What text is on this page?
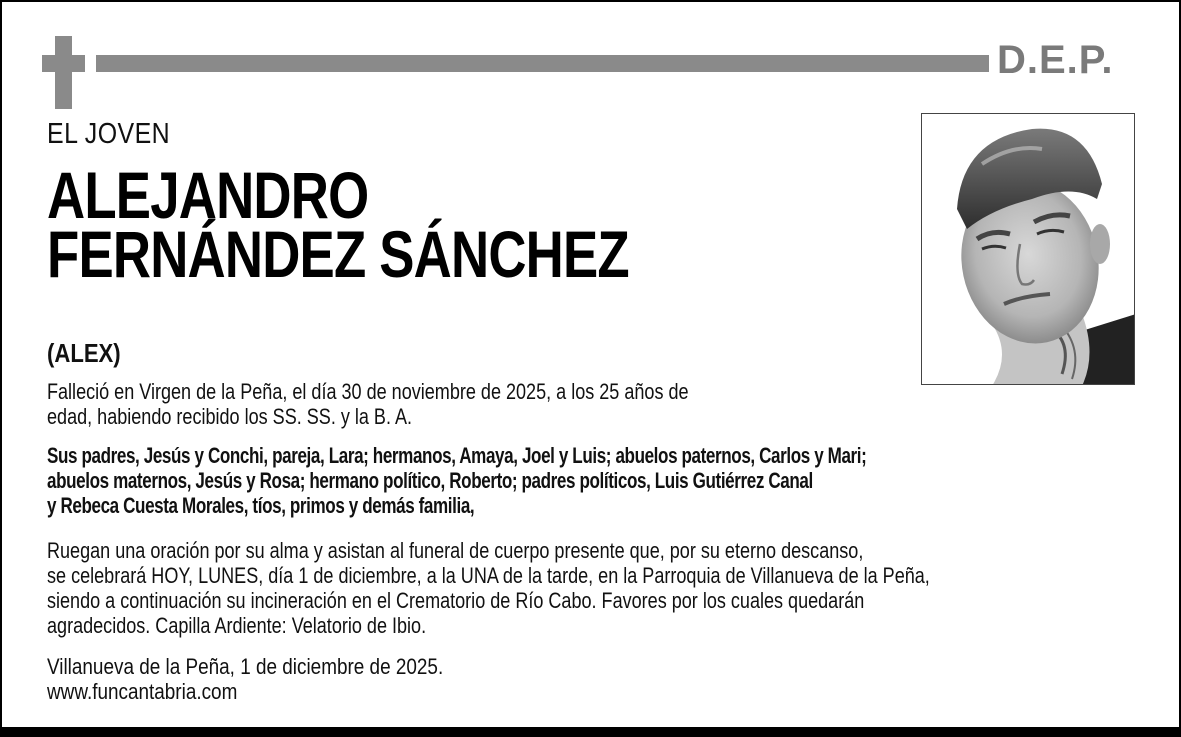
D.E.P.
EL JOVEN
ALEJANDRO
FERNÁNDEZ SÁNCHEZ
(ALEX)
Falleció en Virgen de la Peña, el día 30 de noviembre de 2025, a los 25 años de
edad, habiendo recibido los SS. SS. y la B. A.
Sus padres, Jesús y Conchi, pareja, Lara; hermanos, Amaya, Joel y Luis; abuelos paternos, Carlos y Mari;
abuelos maternos, Jesús y Rosa; hermano político, Roberto; padres políticos, Luis Gutiérrez Canal
y Rebeca Cuesta Morales, tíos, primos y demás familia,
Ruegan una oración por su alma y asistan al funeral de cuerpo presente que, por su eterno descanso,
se celebrará HOY, LUNES, día 1 de diciembre, a la UNA de la tarde, en la Parroquia de Villanueva de la Peña,
siendo a continuación su incineración en el Crematorio de Río Cabo. Favores por los cuales quedarán
agradecidos. Capilla Ardiente: Velatorio de Ibio.
Villanueva de la Peña, 1 de diciembre de 2025.
www.funcantabria.com
